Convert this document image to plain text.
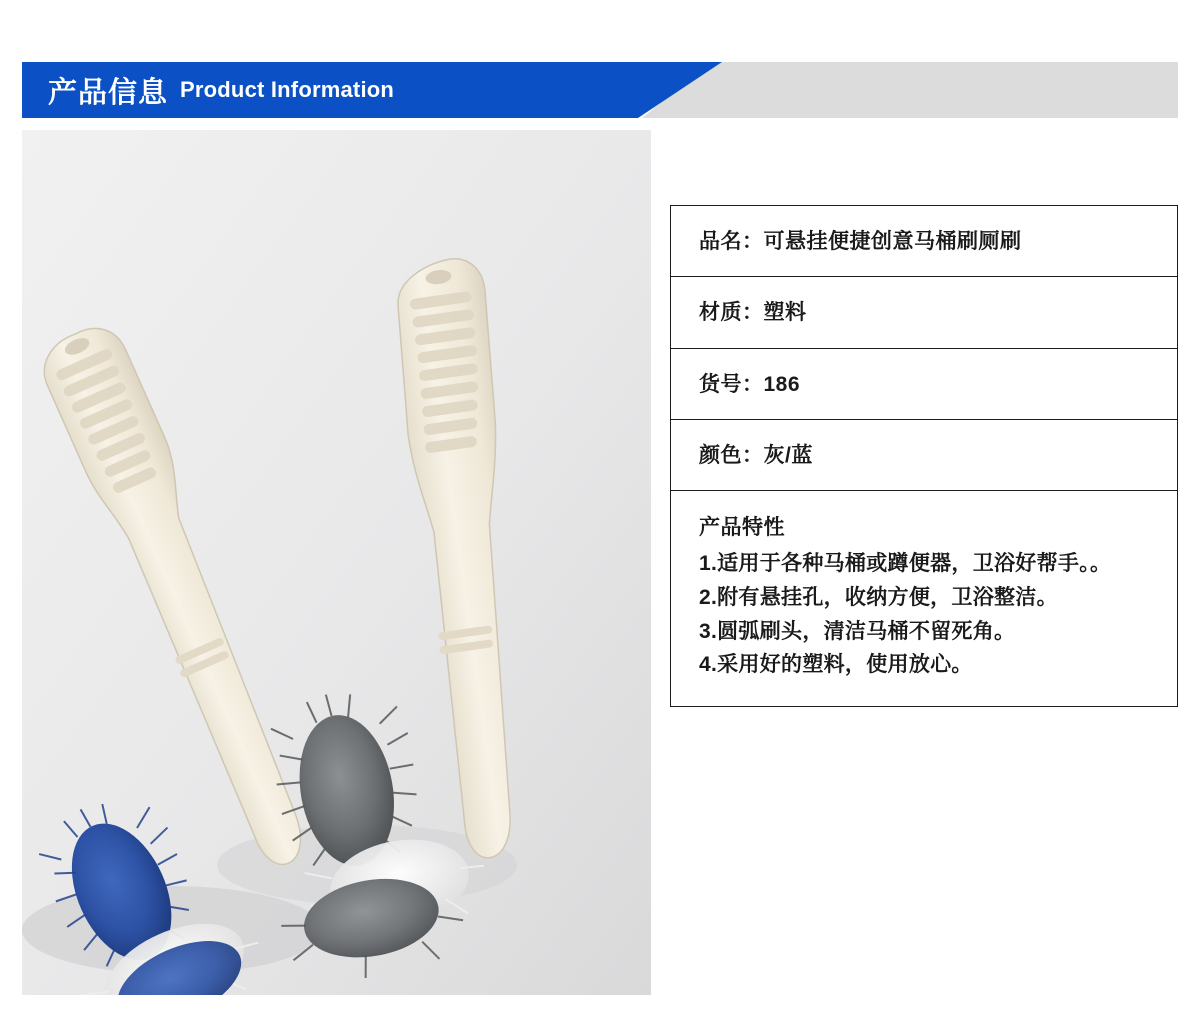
产品信息 Product Information
品名：可悬挂便捷创意马桶刷厕刷
材质：塑料
货号：186
颜色：灰/蓝
产品特性
1.适用于各种马桶或蹲便器，卫浴好帮手。。
2.附有悬挂孔，收纳方便，卫浴整洁。
3.圆弧刷头，清洁马桶不留死角。
4.采用好的塑料，使用放心。
